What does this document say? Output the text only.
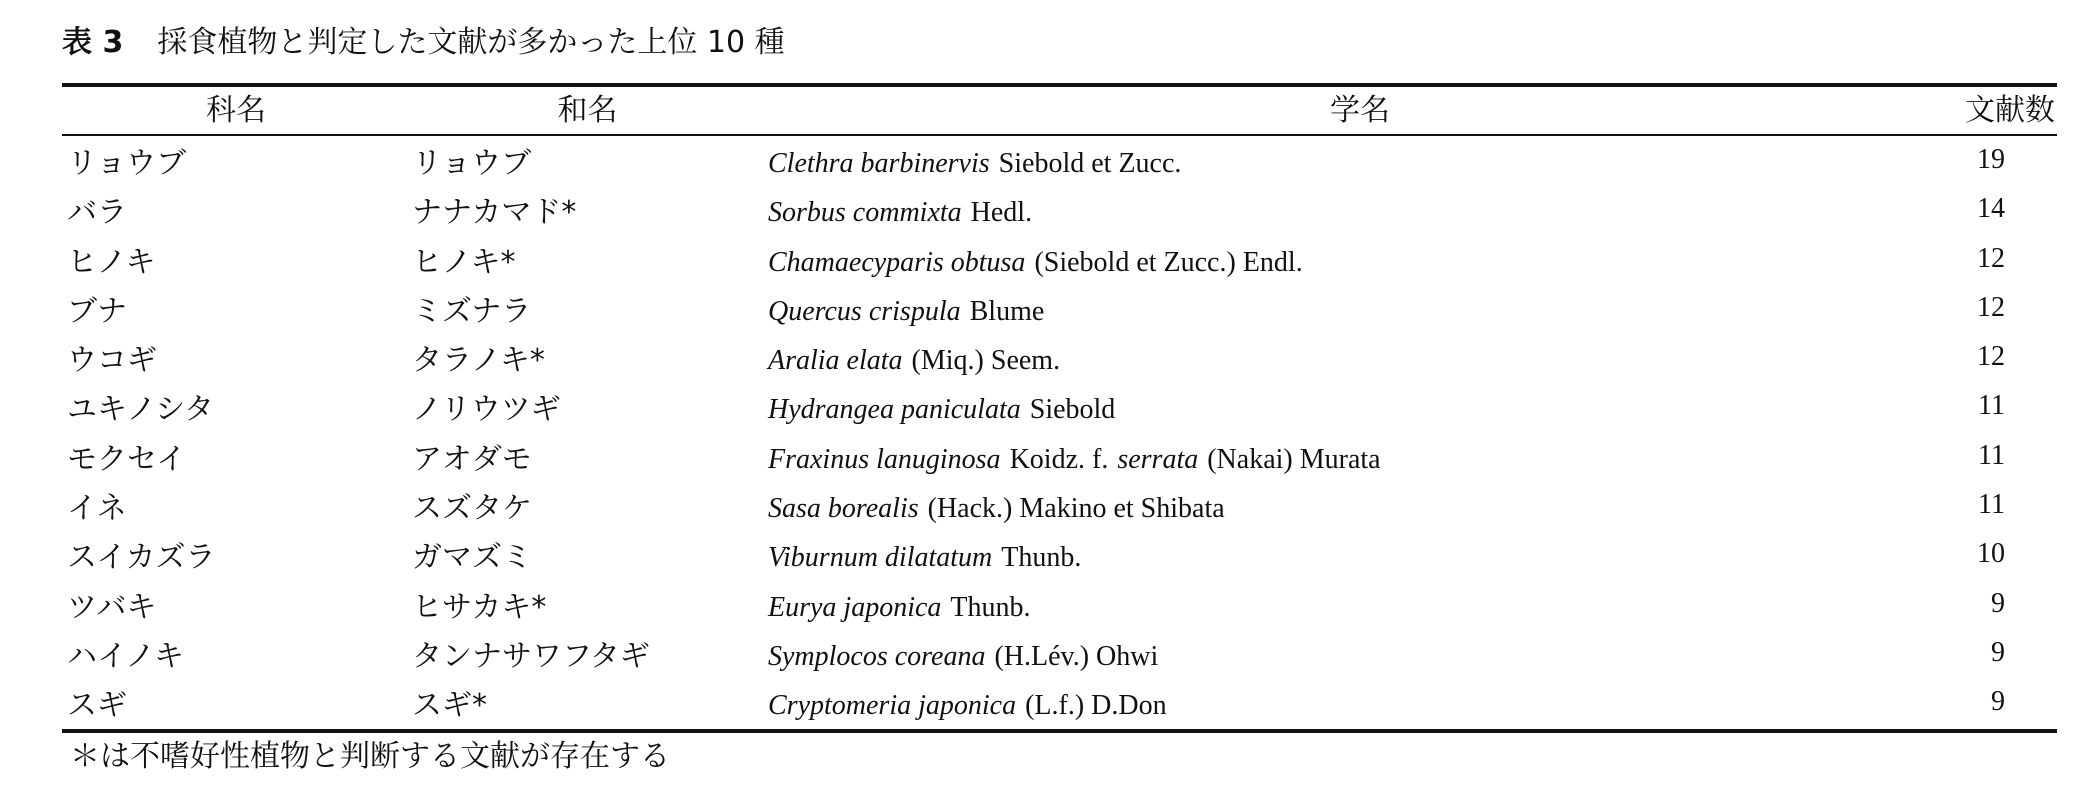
表 3 採食植物と判定した文献が多かった上位 10 種
科名	和名	学名	文献数
リョウブ	リョウブ	Clethra barbinervis Siebold et Zucc.	19
バラ	ナナカマド*	Sorbus commixta Hedl.	14
ヒノキ	ヒノキ*	Chamaecyparis obtusa (Siebold et Zucc.) Endl.	12
ブナ	ミズナラ	Quercus crispula Blume	12
ウコギ	タラノキ*	Aralia elata (Miq.) Seem.	12
ユキノシタ	ノリウツギ	Hydrangea paniculata Siebold	11
モクセイ	アオダモ	Fraxinus lanuginosa Koidz. f. serrata (Nakai) Murata	11
イネ	スズタケ	Sasa borealis (Hack.) Makino et Shibata	11
スイカズラ	ガマズミ	Viburnum dilatatum Thunb.	10
ツバキ	ヒサカキ*	Eurya japonica Thunb.	9
ハイノキ	タンナサワフタギ	Symplocos coreana (H.Lév.) Ohwi	9
スギ	スギ*	Cryptomeria japonica (L.f.) D.Don	9
＊は不嗜好性植物と判断する文献が存在する
